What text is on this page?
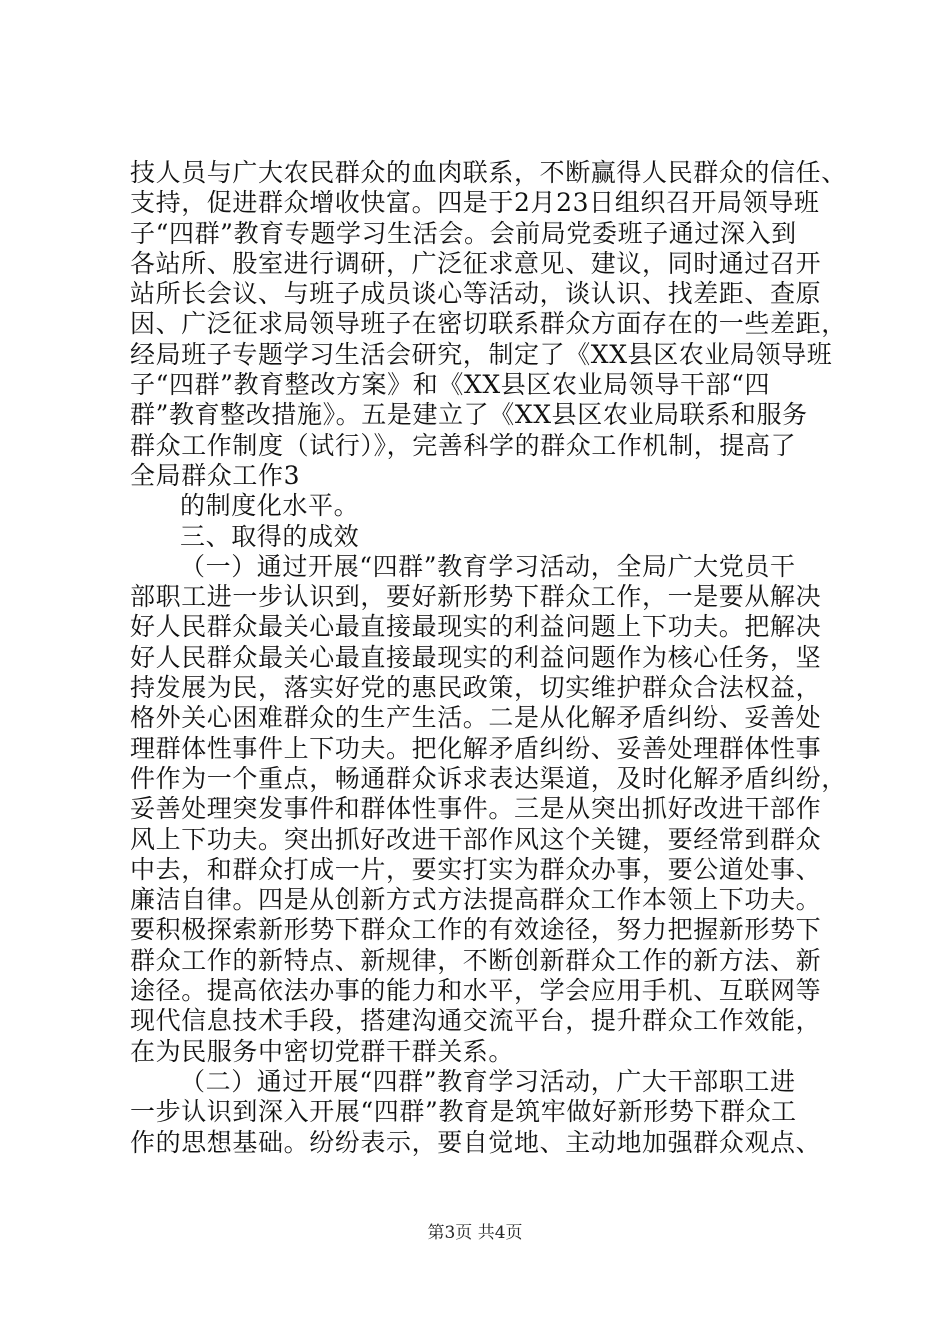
技人员与广大农民群众的血肉联系，不断赢得人民群众的信任、
支持，促进群众增收快富。四是于2月23日组织召开局领导班
子“四群”教育专题学习生活会。会前局党委班子通过深入到
各站所、股室进行调研，广泛征求意见、建议，同时通过召开
站所长会议、与班子成员谈心等活动，谈认识、找差距、查原
因、广泛征求局领导班子在密切联系群众方面存在的一些差距，
经局班子专题学习生活会研究，制定了《XX县区农业局领导班
子“四群”教育整改方案》和《XX县区农业局领导干部“四
群”教育整改措施》。五是建立了《XX县区农业局联系和服务
群众工作制度（试行）》，完善科学的群众工作机制，提高了
全局群众工作3
的制度化水平。
三、取得的成效
（一）通过开展“四群”教育学习活动，全局广大党员干
部职工进一步认识到，要好新形势下群众工作，一是要从解决
好人民群众最关心最直接最现实的利益问题上下功夫。把解决
好人民群众最关心最直接最现实的利益问题作为核心任务，坚
持发展为民，落实好党的惠民政策，切实维护群众合法权益，
格外关心困难群众的生产生活。二是从化解矛盾纠纷、妥善处
理群体性事件上下功夫。把化解矛盾纠纷、妥善处理群体性事
件作为一个重点，畅通群众诉求表达渠道，及时化解矛盾纠纷，
妥善处理突发事件和群体性事件。三是从突出抓好改进干部作
风上下功夫。突出抓好改进干部作风这个关键，要经常到群众
中去，和群众打成一片，要实打实为群众办事，要公道处事、
廉洁自律。四是从创新方式方法提高群众工作本领上下功夫。
要积极探索新形势下群众工作的有效途径，努力把握新形势下
群众工作的新特点、新规律，不断创新群众工作的新方法、新
途径。提高依法办事的能力和水平，学会应用手机、互联网等
现代信息技术手段，搭建沟通交流平台，提升群众工作效能，
在为民服务中密切党群干群关系。
（二）通过开展“四群”教育学习活动，广大干部职工进
一步认识到深入开展“四群”教育是筑牢做好新形势下群众工
作的思想基础。纷纷表示，要自觉地、主动地加强群众观点、
第3页 共4页
